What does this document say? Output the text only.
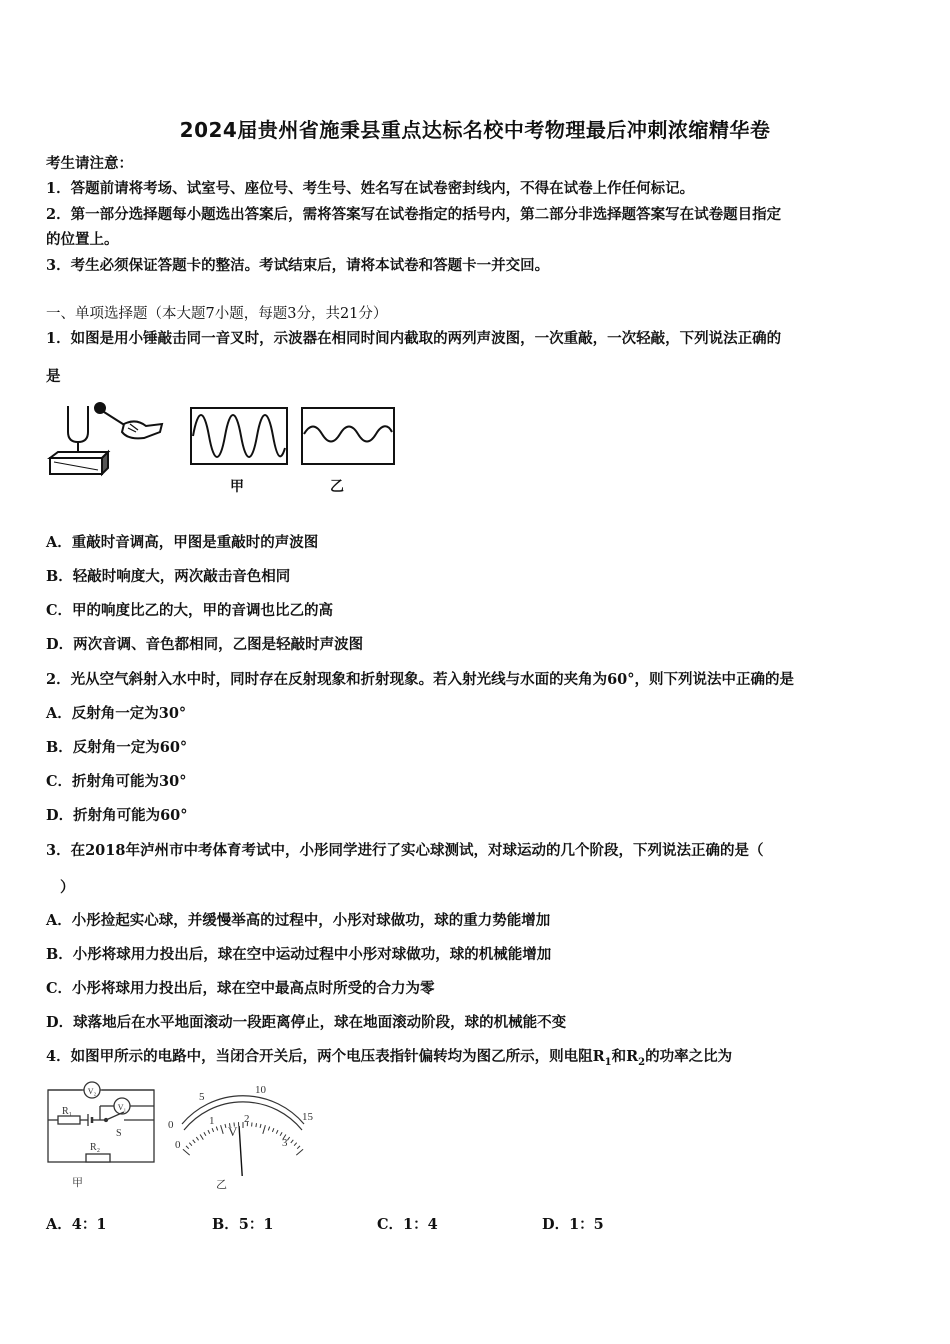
2024届贵州省施秉县重点达标名校中考物理最后冲刺浓缩精华卷
考生请注意：
1．答题前请将考场、试室号、座位号、考生号、姓名写在试卷密封线内，不得在试卷上作任何标记。
2．第一部分选择题每小题选出答案后，需将答案写在试卷指定的括号内，第二部分非选择题答案写在试卷题目指定
的位置上。
3．考生必须保证答题卡的整洁。考试结束后，请将本试卷和答题卡一并交回。
一、单项选择题（本大题7小题，每题3分，共21分）
1．如图是用小锤敲击同一音叉时，示波器在相同时间内截取的两列声波图，一次重敲，一次轻敲，下列说法正确的
是
甲	乙
A．重敲时音调高，甲图是重敲时的声波图
B．轻敲时响度大，两次敲击音色相同
C．甲的响度比乙的大，甲的音调也比乙的高
D．两次音调、音色都相同，乙图是轻敲时声波图
2．光从空气斜射入水中时，同时存在反射现象和折射现象。若入射光线与水面的夹角为60°，则下列说法中正确的是
A．反射角一定为30°
B．反射角一定为60°
C．折射角可能为30°
D．折射角可能为60°
3．在2018年泸州市中考体育考试中，小彤同学进行了实心球测试，对球运动的几个阶段，下列说法正确的是（
）
A．小彤捡起实心球，并缓慢举高的过程中，小彤对球做功，球的重力势能增加
B．小彤将球用力投出后，球在空中运动过程中小彤对球做功，球的机械能增加
C．小彤将球用力投出后，球在空中最高点时所受的合力为零
D．球落地后在水平地面滚动一段距离停止，球在地面滚动阶段，球的机械能不变
4．如图甲所示的电路中，当闭合开关后，两个电压表指针偏转均为图乙所示，则电阻$R_1$和$R_2$的功率之比为
V₂
V₁
R₁
R₂
S
甲
0
5
10
15
0
1	2
3
V
乙
A．4：1	B．5：1	C．1：4	D．1：5
